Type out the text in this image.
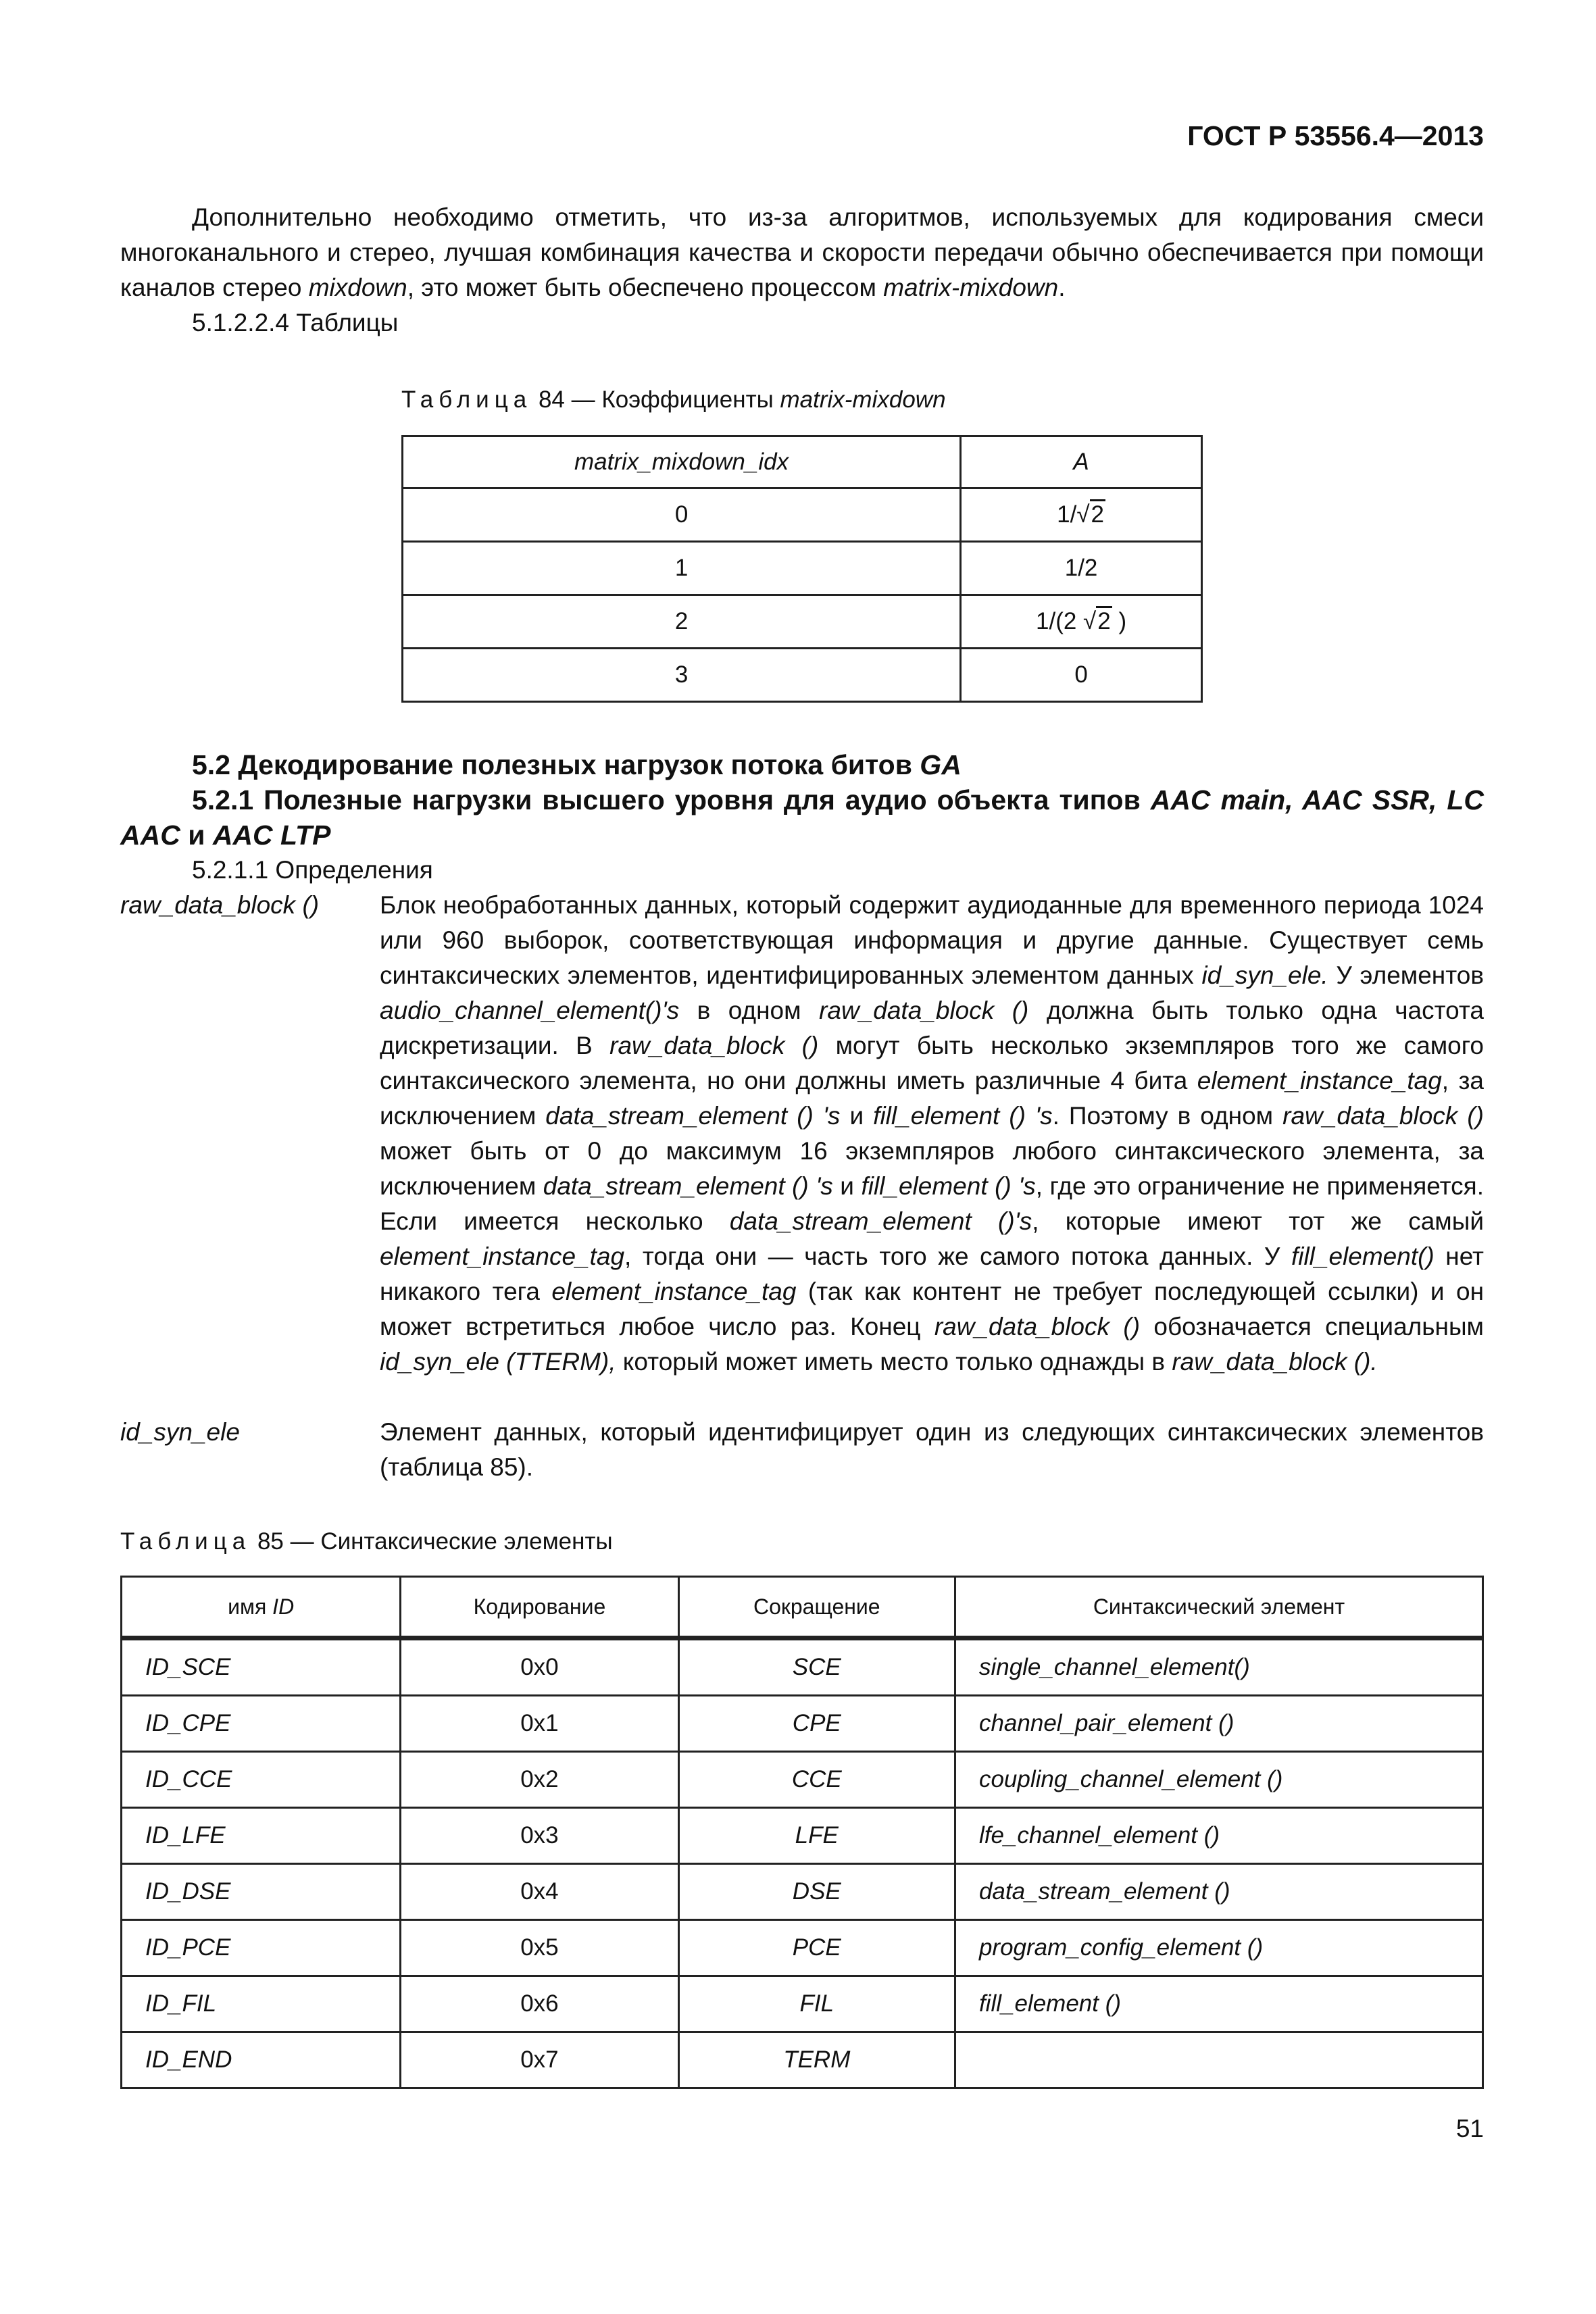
ГОСТ Р 53556.4—2013
Дополнительно необходимо отметить, что из-за алгоритмов, используемых для кодирования смеси многоканального и стерео, лучшая комбинация качества и скорости передачи обычно обеспечивается при помощи каналов стерео mixdown, это может быть обеспечено процессом matrix-mixdown.
5.1.2.2.4 Таблицы
Таблица 84 — Коэффициенты matrix-mixdown
matrix_mixdown_idx	A
0	1/√2
1	1/2
2	1/(2 √2 )
3	0
5.2 Декодирование полезных нагрузок потока битов GA
5.2.1 Полезные нагрузки высшего уровня для аудио объекта типов AAC main, AAC SSR, LC AAC и AAC LTP
5.2.1.1 Определения
raw_data_block () Блок необработанных данных, который содержит аудиоданные для временного периода 1024 или 960 выборок, соответствующая информация и другие данные. Существует семь синтаксических элементов, идентифицированных элементом данных id_syn_ele. У элементов audio_channel_element()'s в одном raw_data_block () должна быть только одна частота дискретизации. В raw_data_block () могут быть несколько экземпляров того же самого синтаксического элемента, но они должны иметь различные 4 бита element_instance_tag, за исключением data_stream_element () 's и fill_element () 's. Поэтому в одном raw_data_block () может быть от 0 до максимум 16 экземпляров любого синтаксического элемента, за исключением data_stream_element () 's и fill_element () 's, где это ограничение не применяется. Если имеется несколько data_stream_element ()'s, которые имеют тот же самый element_instance_tag, тогда они — часть того же самого потока данных. У fill_element() нет никакого тега element_instance_tag (так как контент не требует последующей ссылки) и он может встретиться любое число раз. Конец raw_data_block () обозначается специальным id_syn_ele (TTERM), который может иметь место только однажды в raw_data_block ().
id_syn_ele	Элемент данных, который идентифицирует один из следующих синтаксических элементов (таблица 85).
Таблица 85 — Синтаксические элементы
имя ID	Кодирование	Сокращение	Синтаксический элемент
ID_SCE	0x0	SCE	single_channel_element()
ID_CPE	0x1	CPE	channel_pair_element ()
ID_CCE	0x2	CCE	coupling_channel_element ()
ID_LFE	0x3	LFE	lfe_channel_element ()
ID_DSE	0x4	DSE	data_stream_element ()
ID_PCE	0x5	PCE	program_config_element ()
ID_FIL	0x6	FIL	fill_element ()
ID_END	0x7	TERM	
51
